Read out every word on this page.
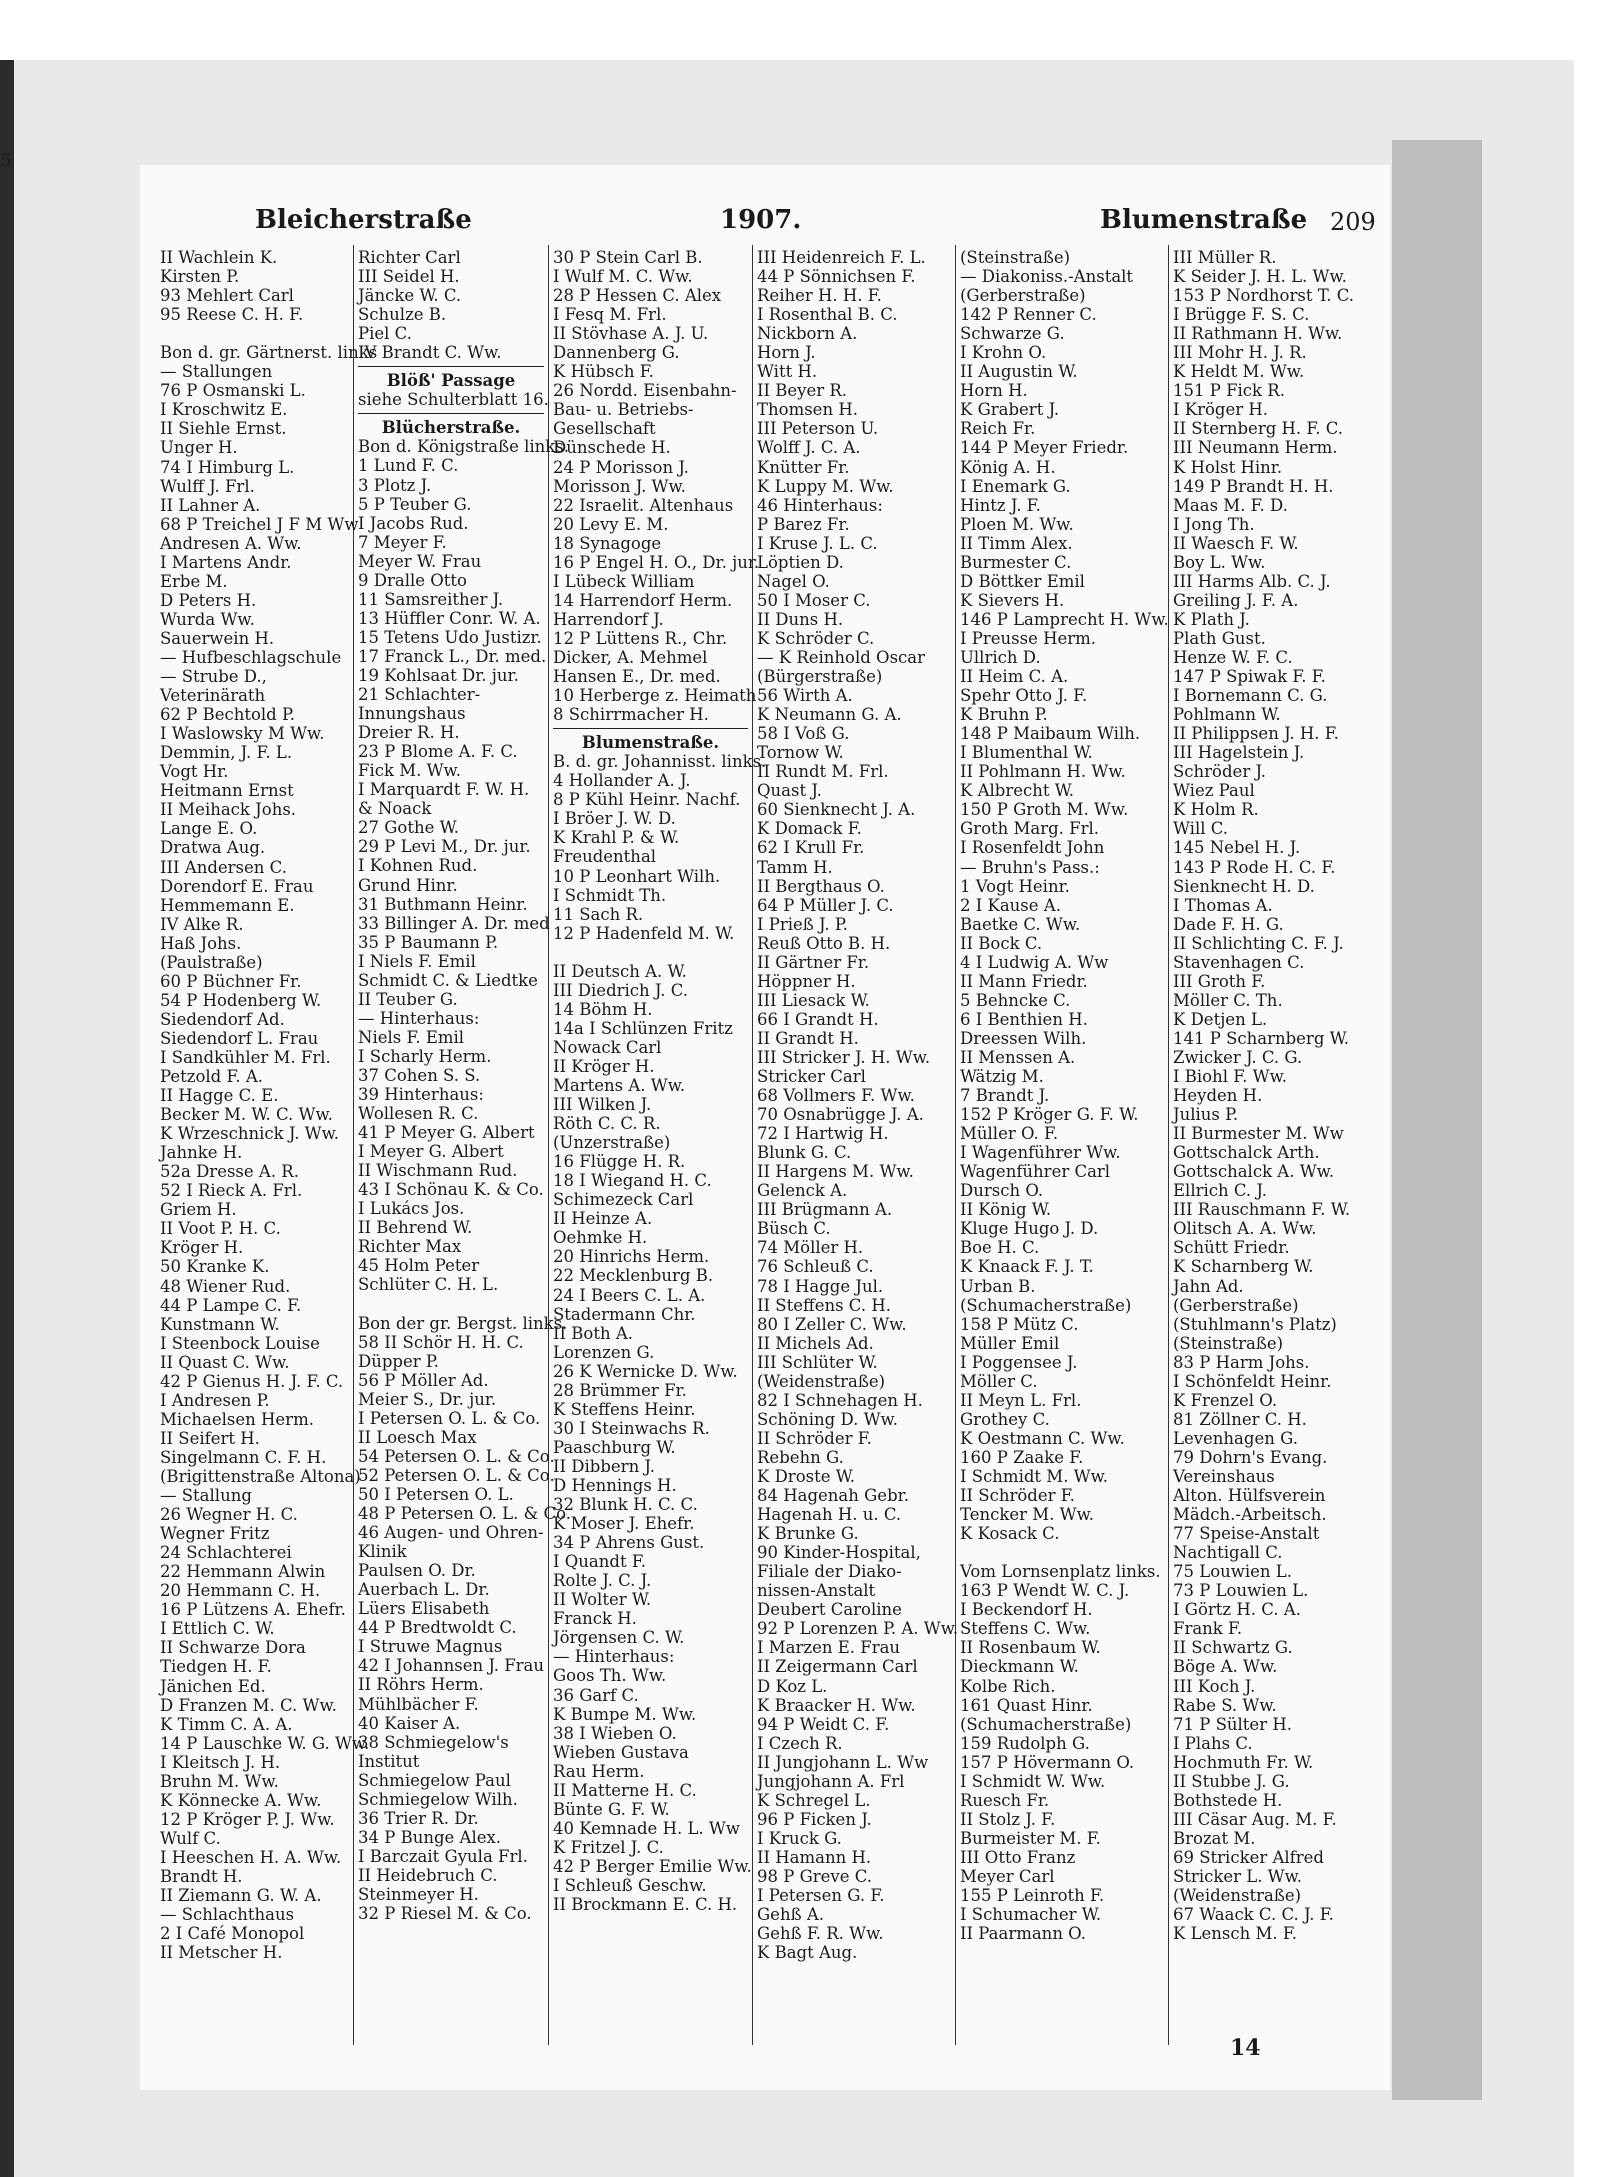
5
Bleicherstraße	1907.	Blumenstraße 209
II Wachlein K.
Kirsten P.
93 Mehlert Carl
95 Reese C. H. F.
Bon d. gr. Gärtnerst. links
— Stallungen
76 P Osmanski L.
I Kroschwitz E.
II Siehle Ernst.
Unger H.
74 I Himburg L.
Wulff J. Frl.
II Lahner A.
68 P Treichel J F M Ww
Andresen A. Ww.
I Martens Andr.
Erbe M.
D Peters H.
Wurda Ww.
Sauerwein H.
— Hufbeschlagschule
— Strube D.,
Veterinärath
62 P Bechtold P.
I Waslowsky M Ww.
Demmin, J. F. L.
Vogt Hr.
Heitmann Ernst
II Meihack Johs.
Lange E. O.
Dratwa Aug.
III Andersen C.
Dorendorf E. Frau
Hemmemann E.
IV Alke R.
Haß Johs.
(Paulstraße)
60 P Büchner Fr.
54 P Hodenberg W.
Siedendorf Ad.
Siedendorf L. Frau
I Sandkühler M. Frl.
Petzold F. A.
II Hagge C. E.
Becker M. W. C. Ww.
K Wrzeschnick J. Ww.
Jahnke H.
52a Dresse A. R.
52 I Rieck A. Frl.
Griem H.
II Voot P. H. C.
Kröger H.
50 Kranke K.
48 Wiener Rud.
44 P Lampe C. F.
Kunstmann W.
I Steenbock Louise
II Quast C. Ww.
42 P Gienus H. J. F. C.
I Andresen P.
Michaelsen Herm.
II Seifert H.
Singelmann C. F. H.
(Brigittenstraße Altona)
— Stallung
26 Wegner H. C.
Wegner Fritz
24 Schlachterei
22 Hemmann Alwin
20 Hemmann C. H.
16 P Lützens A. Ehefr.
I Ettlich C. W.
II Schwarze Dora
Tiedgen H. F.
Jänichen Ed.
D Franzen M. C. Ww.
K Timm C. A. A.
14 P Lauschke W. G. Ww.
I Kleitsch J. H.
Bruhn M. Ww.
K Könnecke A. Ww.
12 P Kröger P. J. Ww.
Wulf C.
I Heeschen H. A. Ww.
Brandt H.
II Ziemann G. W. A.
— Schlachthaus
2 I Café Monopol
II Metscher H.
Richter Carl
III Seidel H.
Jäncke W. C.
Schulze B.
Piel C.
IV Brandt C. Ww.
Blöß' Passage
siehe Schulterblatt 16.
Blücherstraße.
Bon d. Königstraße links.
1 Lund F. C.
3 Plotz J.
5 P Teuber G.
I Jacobs Rud.
7 Meyer F.
Meyer W. Frau
9 Dralle Otto
11 Samsreither J.
13 Hüffler Conr. W. A.
15 Tetens Udo Justizr.
17 Franck L., Dr. med.
19 Kohlsaat Dr. jur.
21 Schlachter-
Innungshaus
Dreier R. H.
23 P Blome A. F. C.
Fick M. Ww.
I Marquardt F. W. H.
& Noack
27 Gothe W.
29 P Levi M., Dr. jur.
I Kohnen Rud.
Grund Hinr.
31 Buthmann Heinr.
33 Billinger A. Dr. med
35 P Baumann P.
I Niels F. Emil
Schmidt C. & Liedtke
II Teuber G.
— Hinterhaus:
Niels F. Emil
I Scharly Herm.
37 Cohen S. S.
39 Hinterhaus:
Wollesen R. C.
41 P Meyer G. Albert
I Meyer G. Albert
II Wischmann Rud.
43 I Schönau K. & Co.
I Lukács Jos.
II Behrend W.
Richter Max
45 Holm Peter
Schlüter C. H. L.
Bon der gr. Bergst. links.
58 II Schör H. H. C.
Düpper P.
56 P Möller Ad.
Meier S., Dr. jur.
I Petersen O. L. & Co.
II Loesch Max
54 Petersen O. L. & Co.
52 Petersen O. L. & Co.
50 I Petersen O. L.
48 P Petersen O. L. & Co.
46 Augen- und Ohren-
Klinik
Paulsen O. Dr.
Auerbach L. Dr.
Lüers Elisabeth
44 P Bredtwoldt C.
I Struwe Magnus
42 I Johannsen J. Frau
II Röhrs Herm.
Mühlbächer F.
40 Kaiser A.
38 Schmiegelow's
Institut
Schmiegelow Paul
Schmiegelow Wilh.
36 Trier R. Dr.
34 P Bunge Alex.
I Barczait Gyula Frl.
II Heidebruch C.
Steinmeyer H.
32 P Riesel M. & Co.
30 P Stein Carl B.
I Wulf M. C. Ww.
28 P Hessen C. Alex
I Fesq M. Frl.
II Stövhase A. J. U.
Dannenberg G.
K Hübsch F.
26 Nordd. Eisenbahn-
Bau- u. Betriebs-
Gesellschaft
Dünschede H.
24 P Morisson J.
Morisson J. Ww.
22 Israelit. Altenhaus
20 Levy E. M.
18 Synagoge
16 P Engel H. O., Dr. jur.
I Lübeck William
14 Harrendorf Herm.
Harrendorf J.
12 P Lüttens R., Chr.
Dicker, A. Mehmel
Hansen E., Dr. med.
10 Herberge z. Heimath
8 Schirrmacher H.
Blumenstraße.
B. d. gr. Johannisst. links.
4 Hollander A. J.
8 P Kühl Heinr. Nachf.
I Bröer J. W. D.
K Krahl P. & W.
Freudenthal
10 P Leonhart Wilh.
I Schmidt Th.
11 Sach R.
12 P Hadenfeld M. W.
II Deutsch A. W.
III Diedrich J. C.
14 Böhm H.
14a I Schlünzen Fritz
Nowack Carl
II Kröger H.
Martens A. Ww.
III Wilken J.
Röth C. C. R.
(Unzerstraße)
16 Flügge H. R.
18 I Wiegand H. C.
Schimezeck Carl
II Heinze A.
Oehmke H.
20 Hinrichs Herm.
22 Mecklenburg B.
24 I Beers C. L. A.
Stadermann Chr.
II Both A.
Lorenzen G.
26 K Wernicke D. Ww.
28 Brümmer Fr.
K Steffens Heinr.
30 I Steinwachs R.
Paaschburg W.
II Dibbern J.
D Hennings H.
32 Blunk H. C. C.
K Moser J. Ehefr.
34 P Ahrens Gust.
I Quandt F.
Rolte J. C. J.
II Wolter W.
Franck H.
Jörgensen C. W.
— Hinterhaus:
Goos Th. Ww.
36 Garf C.
K Bumpe M. Ww.
38 I Wieben O.
Wieben Gustava
Rau Herm.
II Matterne H. C.
Bünte G. F. W.
40 Kemnade H. L. Ww
K Fritzel J. C.
42 P Berger Emilie Ww.
I Schleuß Geschw.
II Brockmann E. C. H.
III Heidenreich F. L.
44 P Sönnichsen F.
Reiher H. H. F.
I Rosenthal B. C.
Nickborn A.
Horn J.
Witt H.
II Beyer R.
Thomsen H.
III Peterson U.
Wolff J. C. A.
Knütter Fr.
K Luppy M. Ww.
46 Hinterhaus:
P Barez Fr.
I Kruse J. L. C.
Löptien D.
Nagel O.
50 I Moser C.
II Duns H.
K Schröder C.
— K Reinhold Oscar
(Bürgerstraße)
56 Wirth A.
K Neumann G. A.
58 I Voß G.
Tornow W.
II Rundt M. Frl.
Quast J.
60 Sienknecht J. A.
K Domack F.
62 I Krull Fr.
Tamm H.
II Bergthaus O.
64 P Müller J. C.
I Prieß J. P.
Reuß Otto B. H.
II Gärtner Fr.
Höppner H.
III Liesack W.
66 I Grandt H.
II Grandt H.
III Stricker J. H. Ww.
Stricker Carl
68 Vollmers F. Ww.
70 Osnabrügge J. A.
72 I Hartwig H.
Blunk G. C.
II Hargens M. Ww.
Gelenck A.
III Brügmann A.
Büsch C.
74 Möller H.
76 Schleuß C.
78 I Hagge Jul.
II Steffens C. H.
80 I Zeller C. Ww.
II Michels Ad.
III Schlüter W.
(Weidenstraße)
82 I Schnehagen H.
Schöning D. Ww.
II Schröder F.
Rebehn G.
K Droste W.
84 Hagenah Gebr.
Hagenah H. u. C.
K Brunke G.
90 Kinder-Hospital,
Filiale der Diako-
nissen-Anstalt
Deubert Caroline
92 P Lorenzen P. A. Ww.
I Marzen E. Frau
II Zeigermann Carl
D Koz L.
K Braacker H. Ww.
94 P Weidt C. F.
I Czech R.
II Jungjohann L. Ww
Jungjohann A. Frl
K Schregel L.
96 P Ficken J.
I Kruck G.
II Hamann H.
98 P Greve C.
I Petersen G. F.
Gehß A.
Gehß F. R. Ww.
K Bagt Aug.
(Steinstraße)
— Diakoniss.-Anstalt
(Gerberstraße)
142 P Renner C.
Schwarze G.
I Krohn O.
II Augustin W.
Horn H.
K Grabert J.
Reich Fr.
144 P Meyer Friedr.
König A. H.
I Enemark G.
Hintz J. F.
Ploen M. Ww.
II Timm Alex.
Burmester C.
D Böttker Emil
K Sievers H.
146 P Lamprecht H. Ww.
I Preusse Herm.
Ullrich D.
II Heim C. A.
Spehr Otto J. F.
K Bruhn P.
148 P Maibaum Wilh.
I Blumenthal W.
II Pohlmann H. Ww.
K Albrecht W.
150 P Groth M. Ww.
Groth Marg. Frl.
I Rosenfeldt John
— Bruhn's Pass.:
1 Vogt Heinr.
2 I Kause A.
Baetke C. Ww.
II Bock C.
4 I Ludwig A. Ww
II Mann Friedr.
5 Behncke C.
6 I Benthien H.
Dreessen Wilh.
II Menssen A.
Wätzig M.
7 Brandt J.
152 P Kröger G. F. W.
Müller O. F.
I Wagenführer Ww.
Wagenführer Carl
Dursch O.
II König W.
Kluge Hugo J. D.
Boe H. C.
K Knaack F. J. T.
Urban B.
(Schumacherstraße)
158 P Mütz C.
Müller Emil
I Poggensee J.
Möller C.
II Meyn L. Frl.
Grothey C.
K Oestmann C. Ww.
160 P Zaake F.
I Schmidt M. Ww.
II Schröder F.
Tencker M. Ww.
K Kosack C.
Vom Lornsenplatz links.
163 P Wendt W. C. J.
I Beckendorf H.
Steffens C. Ww.
II Rosenbaum W.
Dieckmann W.
Kolbe Rich.
161 Quast Hinr.
(Schumacherstraße)
159 Rudolph G.
157 P Hövermann O.
I Schmidt W. Ww.
Ruesch Fr.
II Stolz J. F.
Burmeister M. F.
III Otto Franz
Meyer Carl
155 P Leinroth F.
I Schumacher W.
II Paarmann O.
III Müller R.
K Seider J. H. L. Ww.
153 P Nordhorst T. C.
I Brügge F. S. C.
II Rathmann H. Ww.
III Mohr H. J. R.
K Heldt M. Ww.
151 P Fick R.
I Kröger H.
II Sternberg H. F. C.
III Neumann Herm.
K Holst Hinr.
149 P Brandt H. H.
Maas M. F. D.
I Jong Th.
II Waesch F. W.
Boy L. Ww.
III Harms Alb. C. J.
Greiling J. F. A.
K Plath J.
Plath Gust.
Henze W. F. C.
147 P Spiwak F. F.
I Bornemann C. G.
Pohlmann W.
II Philippsen J. H. F.
III Hagelstein J.
Schröder J.
Wiez Paul
K Holm R.
Will C.
145 Nebel H. J.
143 P Rode H. C. F.
Sienknecht H. D.
I Thomas A.
Dade F. H. G.
II Schlichting C. F. J.
Stavenhagen C.
III Groth F.
Möller C. Th.
K Detjen L.
141 P Scharnberg W.
Zwicker J. C. G.
I Biohl F. Ww.
Heyden H.
Julius P.
II Burmester M. Ww
Gottschalck Arth.
Gottschalck A. Ww.
Ellrich C. J.
III Rauschmann F. W.
Olitsch A. A. Ww.
Schütt Friedr.
K Scharnberg W.
Jahn Ad.
(Gerberstraße)
(Stuhlmann's Platz)
(Steinstraße)
83 P Harm Johs.
I Schönfeldt Heinr.
K Frenzel O.
81 Zöllner C. H.
Levenhagen G.
79 Dohrn's Evang.
Vereinshaus
Alton. Hülfsverein
Mädch.-Arbeitsch.
77 Speise-Anstalt
Nachtigall C.
75 Louwien L.
73 P Louwien L.
I Görtz H. C. A.
Frank F.
II Schwartz G.
Böge A. Ww.
III Koch J.
Rabe S. Ww.
71 P Sülter H.
I Plahs C.
Hochmuth Fr. W.
II Stubbe J. G.
Bothstede H.
III Cäsar Aug. M. F.
Brozat M.
69 Stricker Alfred
Stricker L. Ww.
(Weidenstraße)
67 Waack C. C. J. F.
K Lensch M. F.
14
